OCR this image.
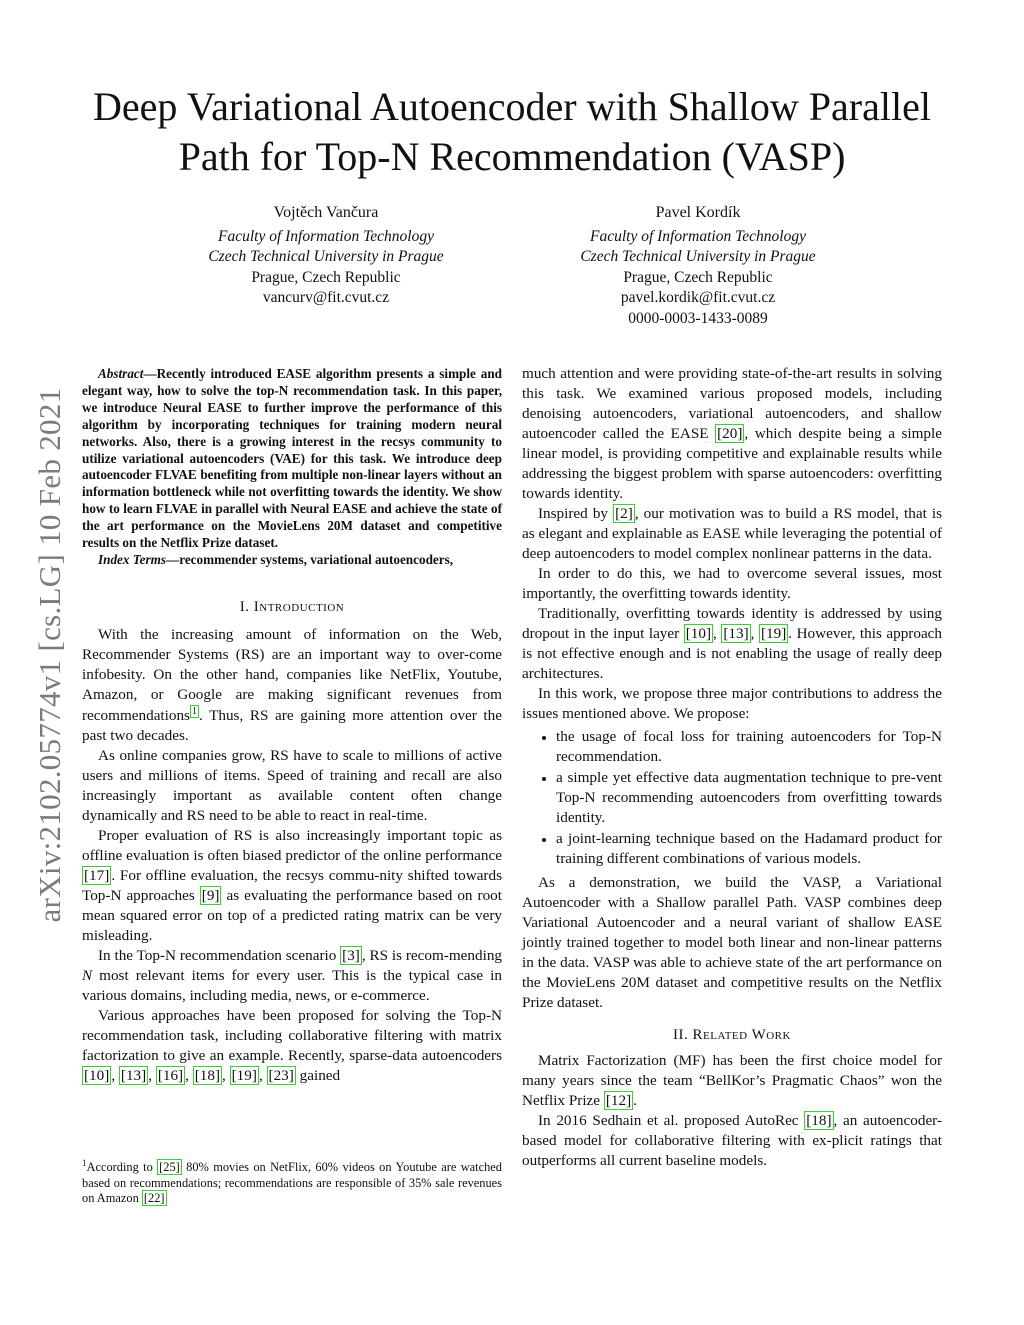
arXiv:2102.05774v1 [cs.LG] 10 Feb 2021
Deep Variational Autoencoder with Shallow Parallel
Path for Top-N Recommendation (VASP)
Vojtěch Vančura
Faculty of Information Technology
Czech Technical University in Prague
Prague, Czech Republic
vancurv@fit.cvut.cz
Pavel Kordík
Faculty of Information Technology
Czech Technical University in Prague
Prague, Czech Republic
pavel.kordik@fit.cvut.cz
0000-0003-1433-0089

Abstract—Recently introduced EASE algorithm presents a simple and elegant way, how to solve the top-N recommendation task. In this paper, we introduce Neural EASE to further improve the performance of this algorithm by incorporating techniques for training modern neural networks. Also, there is a growing interest in the recsys community to utilize variational autoencoders (VAE) for this task. We introduce deep autoencoder FLVAE benefiting from multiple non-linear layers without an information bottleneck while not overfitting towards the identity. We show how to learn FLVAE in parallel with Neural EASE and achieve the state of the art performance on the MovieLens 20M dataset and competitive results on the Netflix Prize dataset.

Index Terms—recommender systems, variational autoencoders,

I. Introduction

With the increasing amount of information on the Web, Recommender Systems (RS) are an important way to over-come infobesity. On the other hand, companies like NetFlix, Youtube, Amazon, or Google are making significant revenues from recommendations $^1$ . Thus, RS are gaining more attention over the past two decades.

As online companies grow, RS have to scale to millions of active users and millions of items. Speed of training and recall are also increasingly important as available content often change dynamically and RS need to be able to react in real-time.

Proper evaluation of RS is also increasingly important topic as offline evaluation is often biased predictor of the online performance [17] . For offline evaluation, the recsys commu-nity shifted towards Top-N approaches [9] as evaluating the performance based on root mean squared error on top of a predicted rating matrix can be very misleading.

In the Top-N recommendation scenario [3] , RS is recom-mending N most relevant items for every user. This is the typical case in various domains, including media, news, or e-commerce.

Various approaches have been proposed for solving the Top-N recommendation task, including collaborative filtering with matrix factorization to give an example. Recently, sparse-data autoencoders [10] , [13] , [16] , [18] , [19] , [23] gained

$^1$According to [25] 80% movies on NetFlix, 60% videos on Youtube are watched based on recommendations; recommendations are responsible of 35% sale revenues on Amazon [22]

much attention and were providing state-of-the-art results in solving this task. We examined various proposed models, including denoising autoencoders, variational autoencoders, and shallow autoencoder called the EASE [20] , which despite being a simple linear model, is providing competitive and explainable results while addressing the biggest problem with sparse autoencoders: overfitting towards identity.

Inspired by [2] , our motivation was to build a RS model, that is as elegant and explainable as EASE while leveraging the potential of deep autoencoders to model complex nonlinear patterns in the data.

In order to do this, we had to overcome several issues, most importantly, the overfitting towards identity.

Traditionally, overfitting towards identity is addressed by using dropout in the input layer [10] , [13] , [19] . However, this approach is not effective enough and is not enabling the usage of really deep architectures.

In this work, we propose three major contributions to address the issues mentioned above. We propose:

• the usage of focal loss for training autoencoders for Top-N recommendation.
• a simple yet effective data augmentation technique to pre-vent Top-N recommending autoencoders from overfitting towards identity.
• a joint-learning technique based on the Hadamard product for training different combinations of various models.

As a demonstration, we build the VASP, a Variational Autoencoder with a Shallow parallel Path. VASP combines deep Variational Autoencoder and a neural variant of shallow EASE jointly trained together to model both linear and non-linear patterns in the data. VASP was able to achieve state of the art performance on the MovieLens 20M dataset and competitive results on the Netflix Prize dataset.

II. Related Work

Matrix Factorization (MF) has been the first choice model for many years since the team “BellKor’s Pragmatic Chaos” won the Netflix Prize [12] .

In 2016 Sedhain et al. proposed AutoRec [18] , an autoencoder-based model for collaborative filtering with ex-plicit ratings that outperforms all current baseline models.
